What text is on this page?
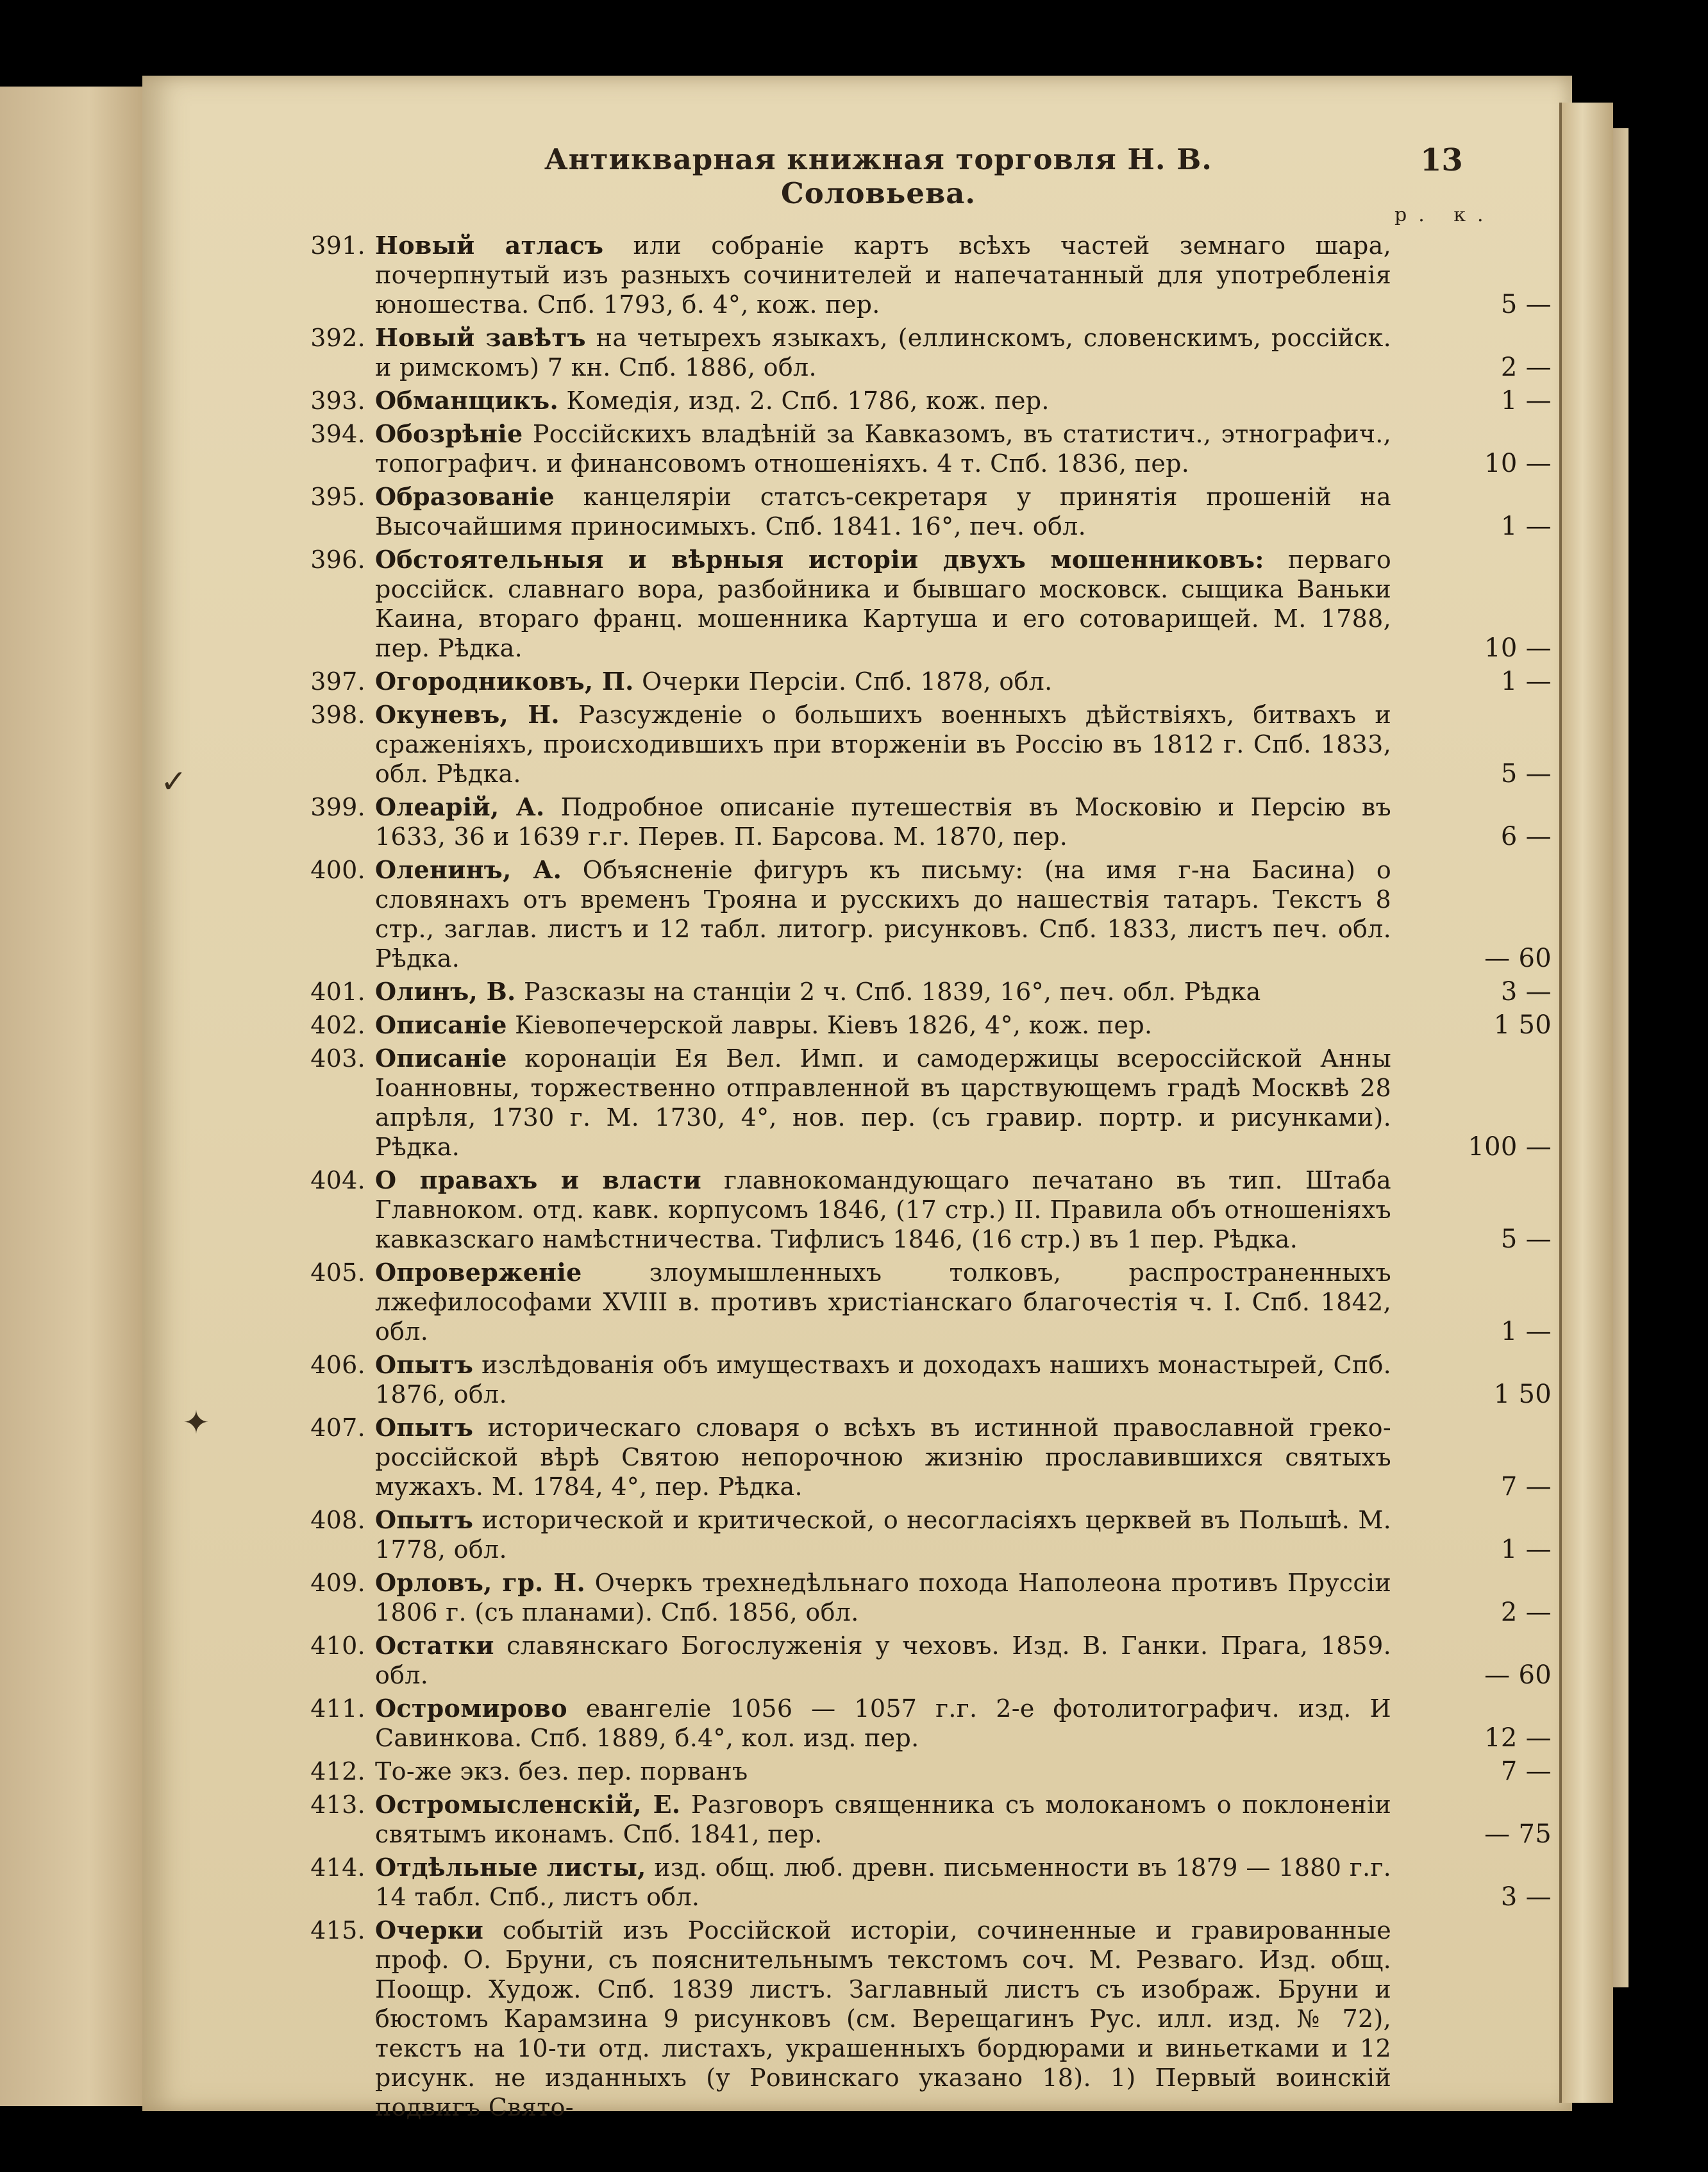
Антикварная книжная торговля Н. В. Соловьева.
13
р. к.
✓
✦
391. Новый атласъ или собраніе картъ всѣхъ частей земнаго шара, почерпнутый изъ разныхъ сочинителей и напечатанный для употребленія юношества. Спб. 1793, б. 4°, кож. пер.	5 —
392. Новый завѣтъ на четырехъ языкахъ, (еллинскомъ, словенскимъ, россійск. и римскомъ) 7 кн. Спб. 1886, обл.	2 —
393. Обманщикъ. Комедія, изд. 2. Спб. 1786, кож. пер.	1 —
394. Обозрѣніе Россійскихъ владѣній за Кавказомъ, въ статистич., этнографич., топографич. и финансовомъ отношеніяхъ. 4 т. Спб. 1836, пер.	10 —
395. Образованіе канцеляріи статсъ-секретаря у принятія прошеній на Высочайшимя приносимыхъ. Спб. 1841. 16°, печ. обл.	1 —
396. Обстоятельныя и вѣрныя исторіи двухъ мошенниковъ: перваго россійск. славнаго вора, разбойника и бывшаго московск. сыщика Ваньки Каина, втораго франц. мошенника Картуша и его сотоварищей. М. 1788, пер. Рѣдка.	10 —
397. Огородниковъ, П. Очерки Персіи. Спб. 1878, обл.	1 —
398. Окуневъ, Н. Разсужденіе о большихъ военныхъ дѣйствіяхъ, битвахъ и сраженіяхъ, происходившихъ при вторженіи въ Россію въ 1812 г. Спб. 1833, обл. Рѣдка.	5 —
399. Олеарій, А. Подробное описаніе путешествія въ Московію и Персію въ 1633, 36 и 1639 г.г. Перев. П. Барсова. М. 1870, пер.	6 —
400. Оленинъ, А. Объясненіе фигуръ къ письму: (на имя г-на Басина) о словянахъ отъ временъ Трояна и русскихъ до нашествія татаръ. Текстъ 8 стр., заглав. листъ и 12 табл. литогр. рисунковъ. Спб. 1833, листъ печ. обл. Рѣдка.	— 60
401. Олинъ, В. Разсказы на станціи 2 ч. Спб. 1839, 16°, печ. обл. Рѣдка	3 —
402. Описаніе Кіевопечерской лавры. Кіевъ 1826, 4°, кож. пер.	1 50
403. Описаніе коронаціи Ея Вел. Имп. и самодержицы всероссійской Анны Іоанновны, торжественно отправленной въ царствующемъ градѣ Москвѣ 28 апрѣля, 1730 г. М. 1730, 4°, нов. пер. (съ гравир. портр. и рисунками). Рѣдка.	100 —
404. О правахъ и власти главнокомандующаго печатано въ тип. Штаба Главноком. отд. кавк. корпусомъ 1846, (17 стр.) II. Правила объ отношеніяхъ кавказскаго намѣстничества. Тифлисъ 1846, (16 стр.) въ 1 пер. Рѣдка.	5 —
405. Опроверженіе	злоумышленныхъ толковъ, распространенныхъ лжефилософами XVIII в. противъ христіанскаго благочестія ч. I. Спб. 1842, обл.	1 —
406. Опытъ изслѣдованія объ имуществахъ и доходахъ нашихъ монастырей, Спб. 1876, обл.	1 50
407. Опытъ историческаго словаря о всѣхъ въ истинной православной греко-россійской вѣрѣ Святою непорочною жизнію прославившихся святыхъ мужахъ. М. 1784, 4°, пер. Рѣдка.	7 —
408. Опытъ исторической и критической, о несогласіяхъ церквей въ Польшѣ. М. 1778, обл.	1 —
409. Орловъ, гр. Н. Очеркъ трехнедѣльнаго похода Наполеона противъ Пруссіи 1806 г. (съ планами). Спб. 1856, обл.	2 —
410. Остатки славянскаго Богослуженія у чеховъ. Изд. В. Ганки. Прага, 1859. обл.	— 60
411. Остромирово евангеліе 1056 — 1057 г.г. 2-е фотолитографич. изд. И Савинкова. Спб. 1889, б.4°, кол. изд. пер.	12 —
412. То-же экз. без. пер. порванъ	7 —
413. Остромысленскій, Е. Разговоръ священника съ молоканомъ о поклоненіи святымъ иконамъ. Спб. 1841, пер.	— 75
414. Отдѣльные листы, изд. общ. люб. древн. письменности въ 1879 — 1880 г.г. 14 табл. Спб., листъ обл.	3 —
415. Очерки событій изъ Россійской исторіи, сочиненные и гравированные проф. О. Бруни, съ пояснительнымъ текстомъ соч. М. Резваго. Изд. общ. Поощр. Худож. Спб. 1839 листъ. Заглавный листъ съ изображ. Бруни и бюстомъ Карамзина 9 рисунковъ (см. Верещагинъ Рус. илл. изд. № 72), текстъ на 10-ти отд. листахъ, украшенныхъ бордюрами и виньетками и 12 рисунк. не изданныхъ (у Ровинскаго указано 18). 1) Первый воинскій подвигъ Свято-
